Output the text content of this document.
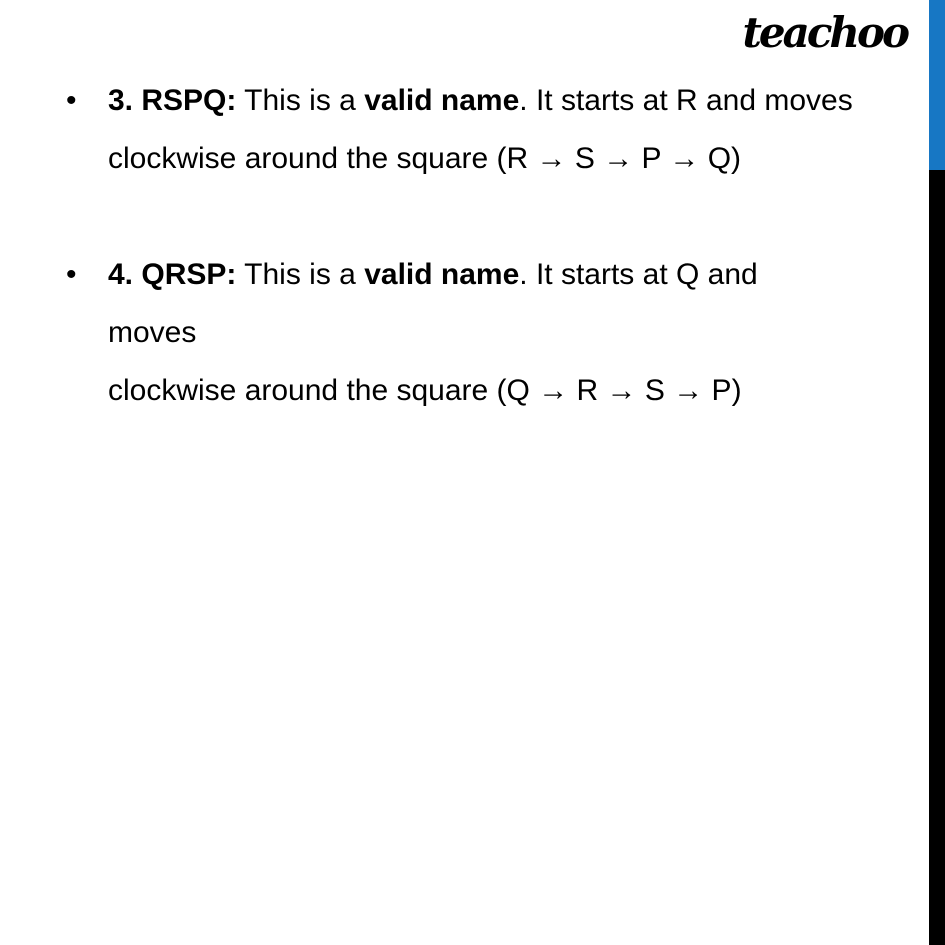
teachoo
• 3. RSPQ: This is a valid name. It starts at R and moves
clockwise around the square (R → S → P → Q)
• 4. QRSP: This is a valid name. It starts at Q and moves
clockwise around the square (Q → R → S → P)
